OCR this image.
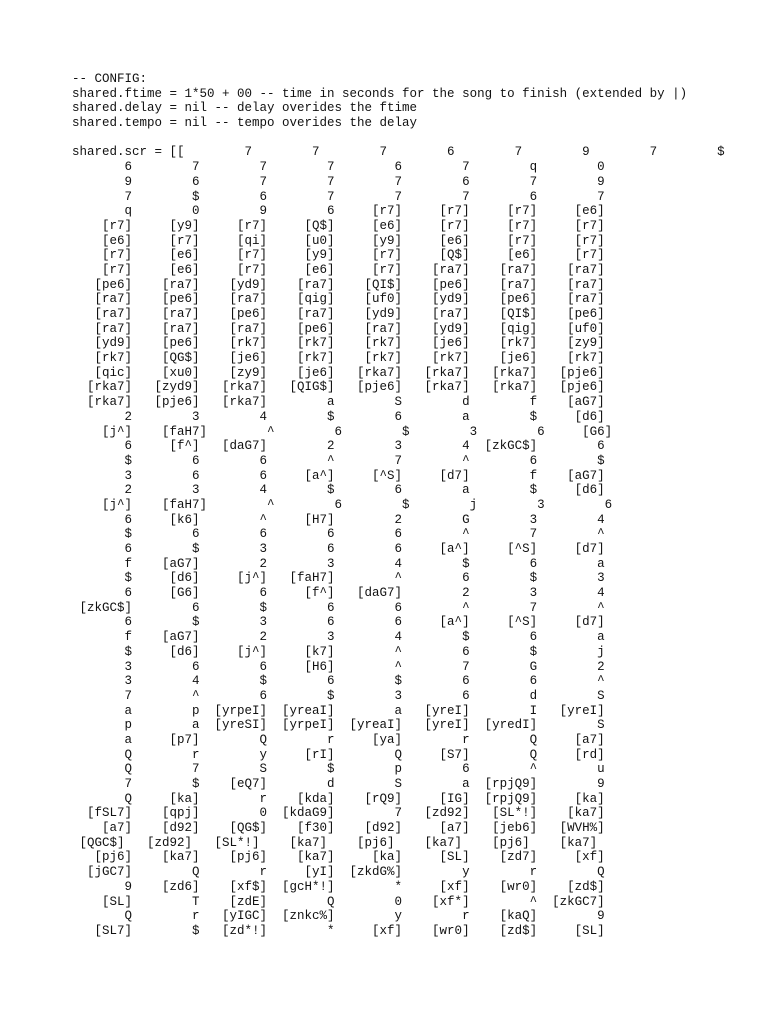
-- CONFIG:
shared.ftime = 1*50 + 00 -- time in seconds for the song to finish (extended by |)
shared.delay = nil -- delay overides the ftime
shared.tempo = nil -- tempo overides the delay
shared.scr = [[        7        7        7        6        7        9        7        $
6        7        7        7        6        7        q        0
9        6        7        7        7        6        7        9
7        $        6        7        7        7        6        7
q        0        9        6     [r7]     [r7]     [r7]     [e6]
[r7]     [y9]     [r7]     [Q$]     [e6]     [r7]     [r7]     [r7]
[e6]     [r7]     [qi]     [u0]     [y9]     [e6]     [r7]     [r7]
[r7]     [e6]     [r7]     [y9]     [r7]     [Q$]     [e6]     [r7]
[r7]     [e6]     [r7]     [e6]     [r7]    [ra7]    [ra7]    [ra7]
[pe6]    [ra7]    [yd9]    [ra7]    [QI$]    [pe6]    [ra7]    [ra7]
[ra7]    [pe6]    [ra7]    [qig]    [uf0]    [yd9]    [pe6]    [ra7]
[ra7]    [ra7]    [pe6]    [ra7]    [yd9]    [ra7]    [QI$]    [pe6]
[ra7]    [ra7]    [ra7]    [pe6]    [ra7]    [yd9]    [qig]    [uf0]
[yd9]    [pe6]    [rk7]    [rk7]    [rk7]    [je6]    [rk7]    [zy9]
[rk7]    [QG$]    [je6]    [rk7]    [rk7]    [rk7]    [je6]    [rk7]
[qic]    [xu0]    [zy9]    [je6]   [rka7]   [rka7]   [rka7]   [pje6]
[rka7]   [zyd9]   [rka7]   [QIG$]   [pje6]   [rka7]   [rka7]   [pje6]
[rka7]   [pje6]   [rka7]        a        S        d        f    [aG7]
2        3        4        $        6        a        $     [d6]
[j^]    [faH7]        ^        6        $        3        6     [G6]
6     [f^]   [daG7]        2        3        4  [zkGC$]        6
$        6        6        ^        7        ^        6        $
3        6        6     [a^]     [^S]     [d7]        f    [aG7]
2        3        4        $        6        a        $     [d6]
[j^]    [faH7]        ^        6        $        j        3        6
6     [k6]        ^     [H7]        2        G        3        4
$        6        6        6        6        ^        7        ^
6        $        3        6        6     [a^]     [^S]     [d7]
f    [aG7]        2        3        4        $        6        a
$     [d6]     [j^]   [faH7]        ^        6        $        3
6     [G6]        6     [f^]   [daG7]        2        3        4
[zkGC$]        6        $        6        6        ^        7        ^
6        $        3        6        6     [a^]     [^S]     [d7]
f    [aG7]        2        3        4        $        6        a
$     [d6]     [j^]     [k7]        ^        6        $        j
3        6        6     [H6]        ^        7        G        2
3        4        $        6        $        6        6        ^
7        ^        6        $        3        6        d        S
a        p  [yrpeI]  [yreaI]        a   [yreI]        I   [yreI]
p        a  [yreSI]  [yrpeI]  [yreaI]   [yreI]  [yredI]        S
a     [p7]        Q        r     [ya]        r        Q     [a7]
Q        r        y     [rI]        Q     [S7]        Q     [rd]
Q        7        S        $        p        6        ^        u
7        $    [eQ7]        d        S        a  [rpjQ9]        9
Q     [ka]        r    [kda]    [rQ9]     [IG]  [rpjQ9]     [ka]
[fSL7]    [qpj]        0  [kdaG9]        7   [zd92]   [SL*!]    [ka7]
[a7]    [d92]    [QG$]    [f30]    [d92]     [a7]   [jeb6]   [WVH%]
[QGC$]   [zd92]   [SL*!]    [ka7]    [pj6]    [ka7]    [pj6]    [ka7]
[pj6]    [ka7]    [pj6]    [ka7]     [ka]     [SL]    [zd7]     [xf]
[jGC7]        Q        r     [yI]  [zkdG%]        y        r        Q
9    [zd6]    [xf$]  [gcH*!]        *     [xf]    [wr0]    [zd$]
[SL]        T    [zdE]        Q        0    [xf*]        ^  [zkGC7]
Q        r   [yIGC]  [znkc%]        y        r    [kaQ]        9
[SL7]        $   [zd*!]        *     [xf]    [wr0]    [zd$]     [SL]
